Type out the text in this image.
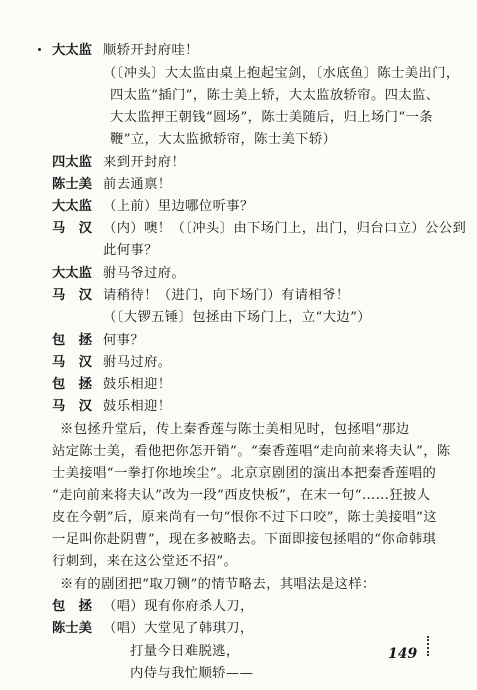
大太监 顺轿开封府哇！
（〔冲头〕大太监由桌上抱起宝剑，〔水底鱼〕陈士美出门，
四太监“插门”，陈士美上轿，大太监放轿帘。四太监、
大太监押王朝钱“圆场”，陈士美随后，归上场门“一条
鞭”立，大太监掀轿帘，陈士美下轿）
四太监 来到开封府！
陈士美 前去通禀！
大太监 （上前）里边哪位听事？
马　汉 （内）噢！（〔冲头〕由下场门上，出门，归台口立）公公到
此何事？
大太监 驸马爷过府。
马　汉 请稍待！（进门，向下场门）有请相爷！
（〔大锣五锤〕包拯由下场门上，立“大边”）
包　拯 何事？
马　汉 驸马过府。
包　拯 鼓乐相迎！
马　汉 鼓乐相迎！
※包拯升堂后，传上秦香莲与陈士美相见时，包拯唱“那边
站定陈士美，看他把你怎开销”。“秦香莲唱“走向前来将夫认”，陈
士美接唱“一拳打你地埃尘”。北京京剧团的演出本把秦香莲唱的
“走向前来将夫认”改为一段“西皮快板”，在末一句“……狂披人
皮在今朝”后，原来尚有一句“恨你不过下口咬”，陈士美接唱“这
一足叫你赴阴曹”，现在多被略去。下面即接包拯唱的“你命韩琪
行刺到，来在这公堂还不招”。
※有的剧团把“取刀铡”的情节略去，其唱法是这样：
包　拯 （唱）现有你府杀人刀，
陈士美 （唱）大堂见了韩琪刀，
打量今日难脱逃，
内侍与我忙顺轿——
149
